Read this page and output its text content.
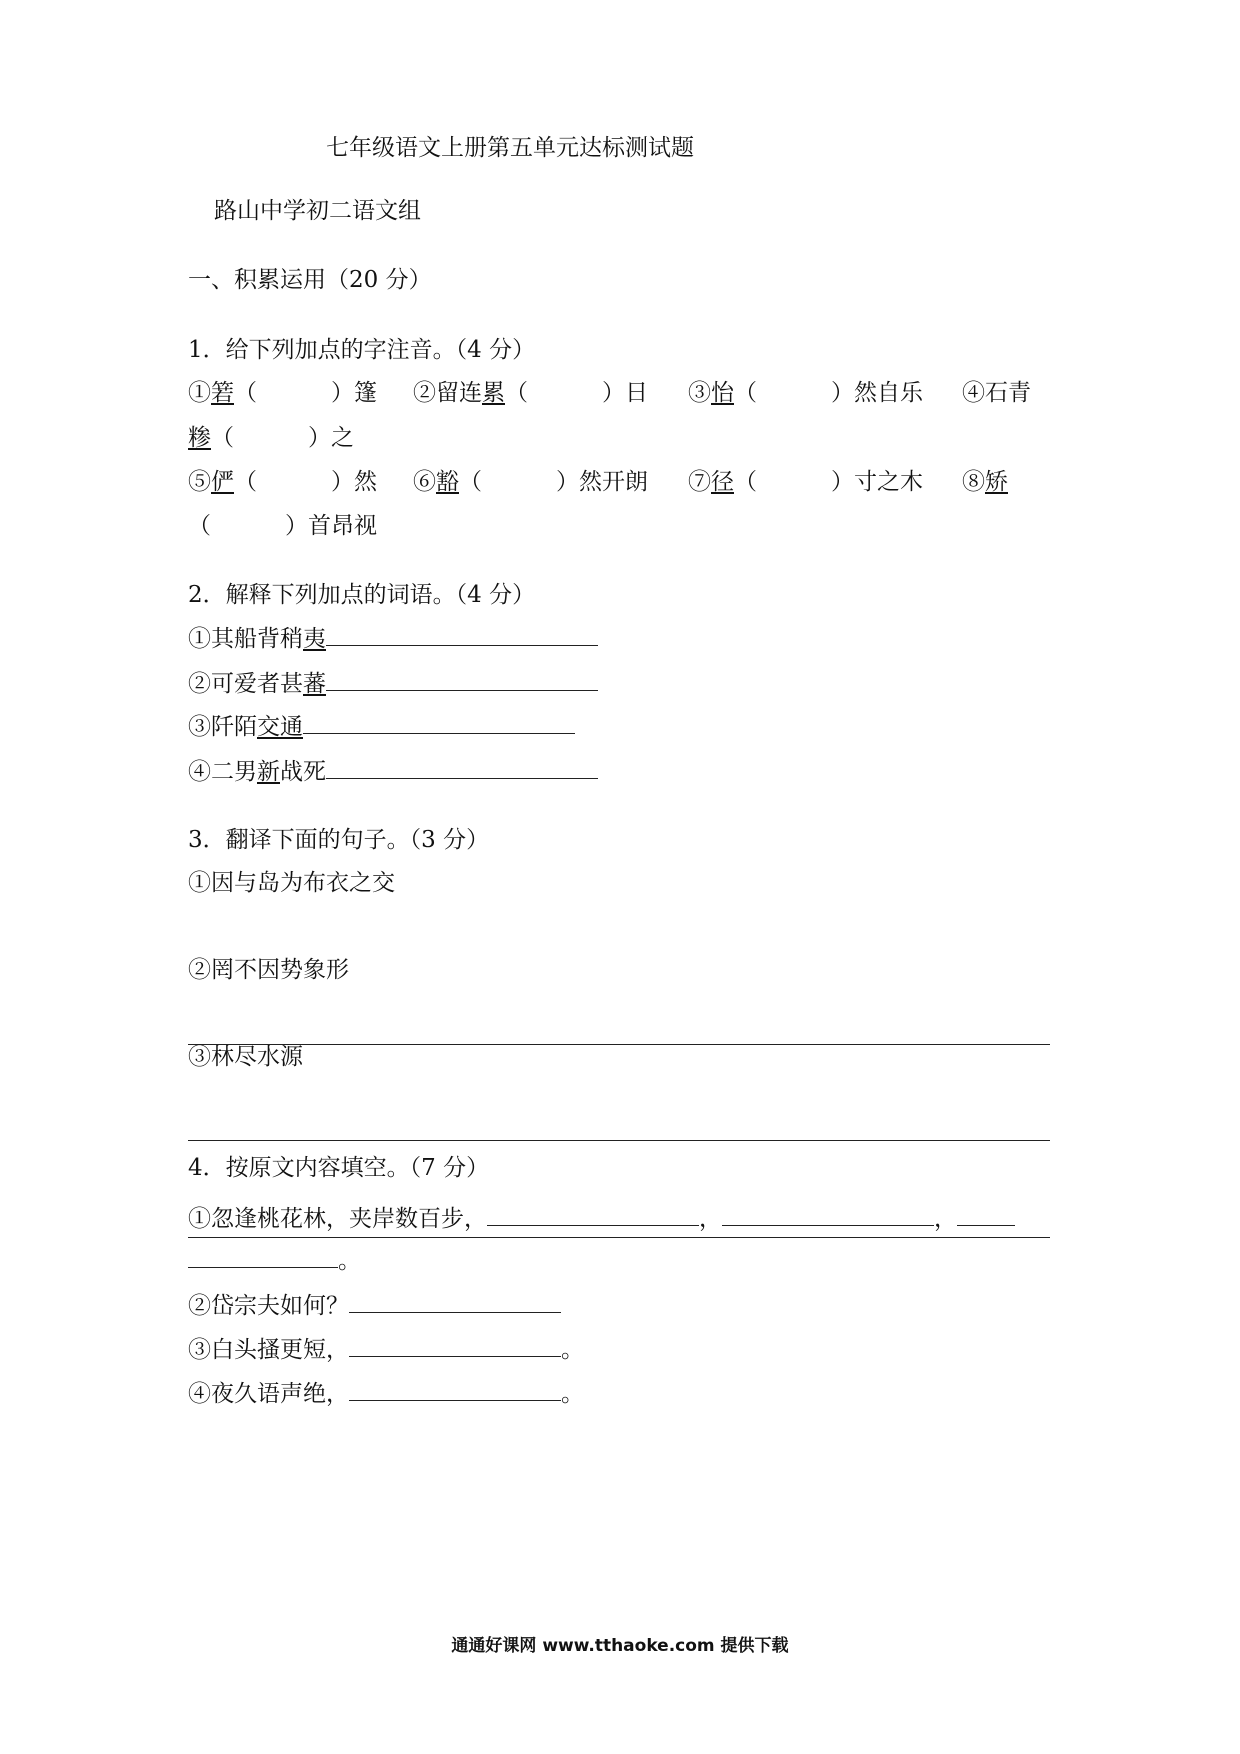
七年级语文上册第五单元达标测试题
路山中学初二语文组
一、积累运用（20 分）
1．给下列加点的字注音。（4 分）
①箬（	）篷 ②留连累（	）日 ③怡（	）然自乐 ④石青
糁（	）之
⑤俨（	）然 ⑥豁（	）然开朗 ⑦径（	）寸之木 ⑧矫
（	）首昂视
2．解释下列加点的词语。（4 分）
①其船背稍夷
②可爱者甚蕃
③阡陌交通
④二男新战死
3．翻译下面的句子。（3 分）
①因与岛为布衣之交
②罔不因势象形
③林尽水源
4．按原文内容填空。（7 分）
①忽逢桃花林，夹岸数百步，	，	，
。
②岱宗夫如何？
③白头搔更短，	。
④夜久语声绝，	。
通通好课网 www.tthaoke.com 提供下载
